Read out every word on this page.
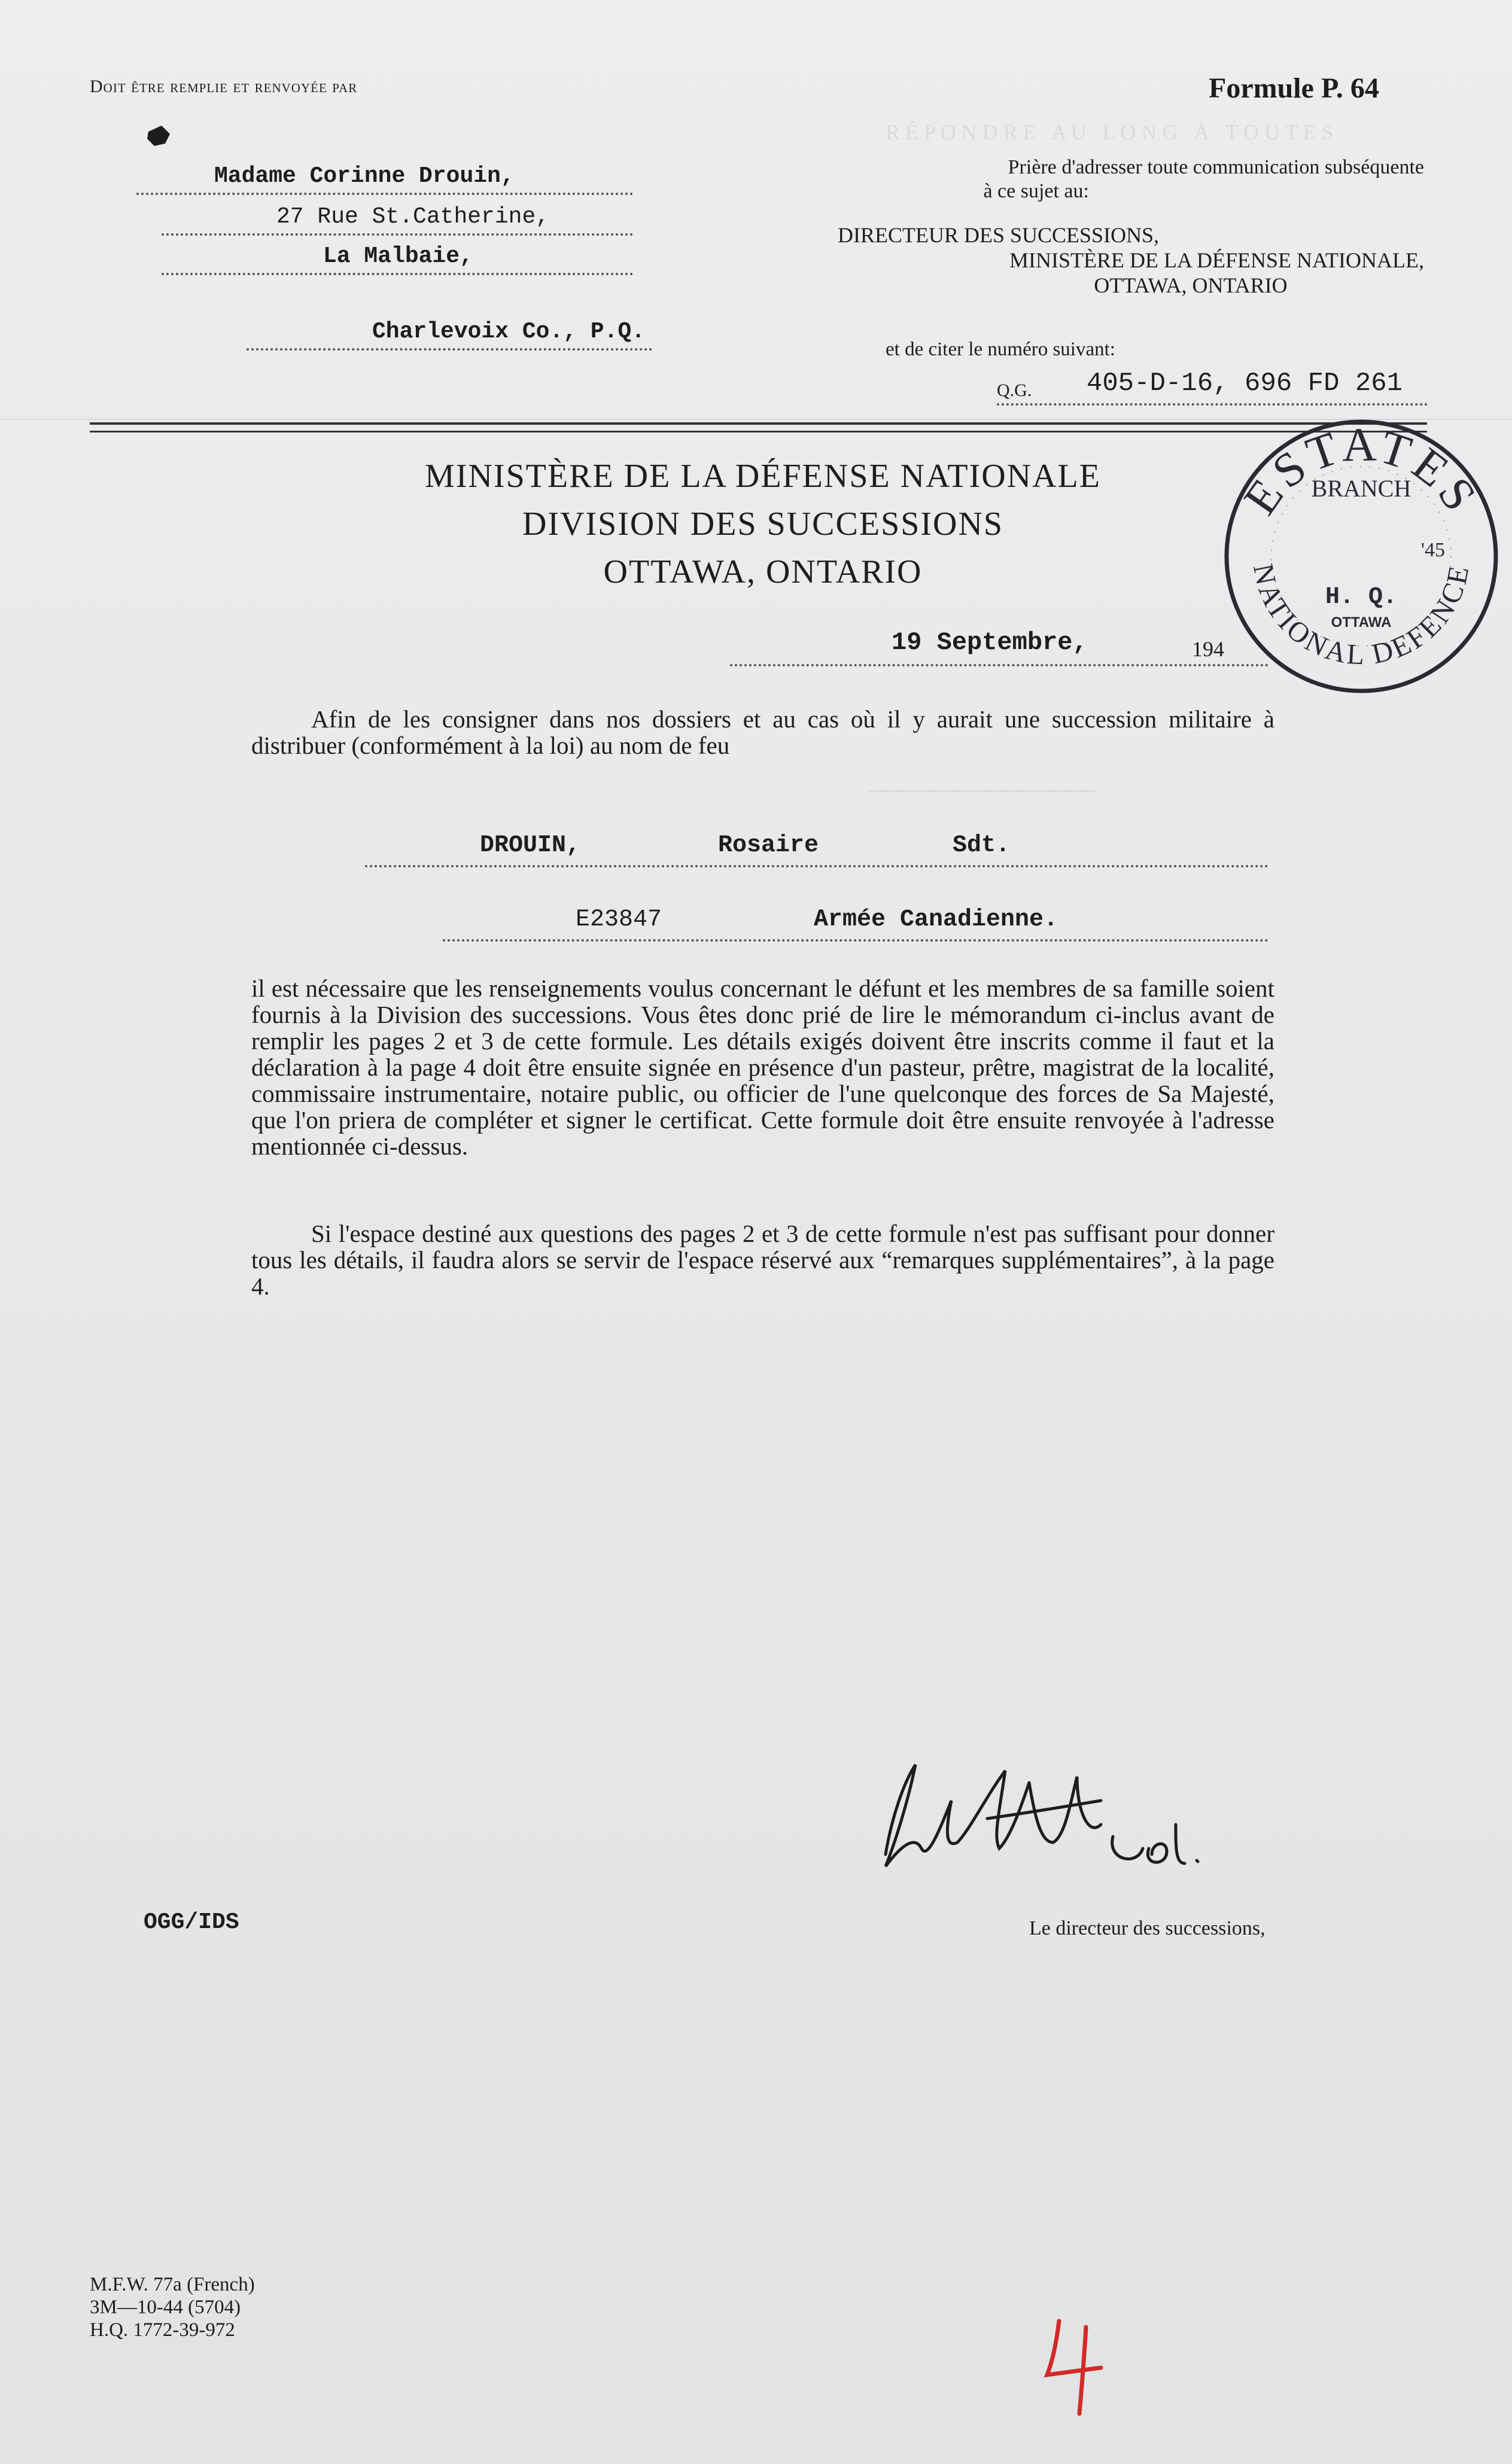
R É P O N D R E   A U   L O N G   À   T O U T E S
───────────────
Doit être remplie et renvoyée par
Madame Corinne Drouin,
27 Rue St.Catherine,
La Malbaie,
Charlevoix Co., P.Q.
Formule P. 64
Prière d'adresser toute communication subséquente
à ce sujet au:
DIRECTEUR DES SUCCESSIONS,
MINISTÈRE DE LA DÉFENSE NATIONALE,
OTTAWA, ONTARIO
et de citer le numéro suivant:
Q.G. 405-D-16, 696 FD 261
MINISTÈRE DE LA DÉFENSE NATIONALE
DIVISION DES SUCCESSIONS
OTTAWA, ONTARIO
ESTATES
BRANCH
'45
H. Q.
OTTAWA
NATIONAL DEFENCE
19 Septembre,	194
Afin de les consigner dans nos dossiers et au cas où il y aurait une succession militaire à distribuer (conformément à la loi) au nom de feu
DROUIN,	Rosaire	Sdt.
E23847	Armée Canadienne.
il est nécessaire que les renseignements voulus concernant le défunt et les membres de sa famille soient fournis à la Division des successions. Vous êtes donc prié de lire le mémorandum ci-inclus avant de remplir les pages 2 et 3 de cette formule. Les détails exigés doivent être inscrits comme il faut et la déclaration à la page 4 doit être ensuite signée en présence d'un pasteur, prêtre, magistrat de la localité, commissaire instrumentaire, notaire public, ou officier de l'une quelconque des forces de Sa Majesté, que l'on priera de compléter et signer le certificat. Cette formule doit être ensuite renvoyée à l'adresse mentionnée ci-dessus.
Si l'espace destiné aux questions des pages 2 et 3 de cette formule n'est pas suffisant pour donner tous les détails, il faudra alors se servir de l'espace réservé aux “remarques supplémentaires”, à la page 4.
Le directeur des successions,
OGG/IDS
M.F.W. 77a (French)
3M—10-44 (5704)
H.Q. 1772-39-972
